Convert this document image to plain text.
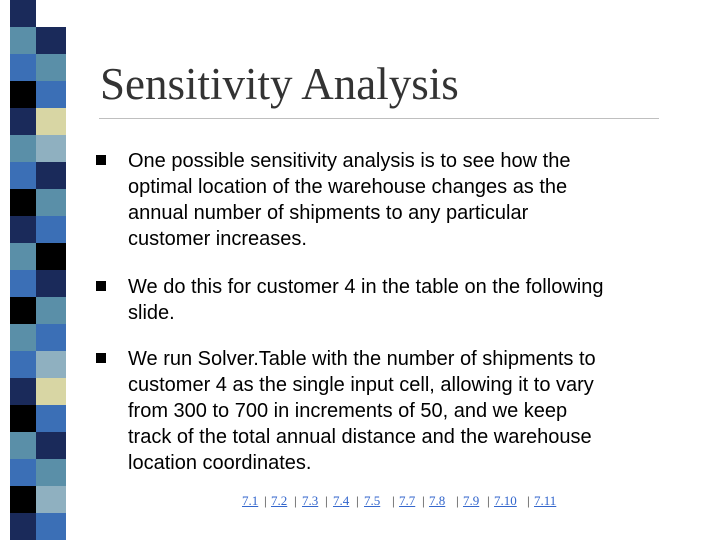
Sensitivity Analysis
One possible sensitivity analysis is to see how the
optimal location of the warehouse changes as the
annual number of shipments to any particular
customer increases.
We do this for customer 4 in the table on the following
slide.
We run Solver.Table with the number of shipments to
customer 4 as the single input cell, allowing it to vary
from 300 to 700 in increments of 50, and we keep
track of the total annual distance and the warehouse
location coordinates.
7.1 | 7.2 | 7.3 | 7.4 | 7.5 | 7.7 | 7.8 | 7.9 | 7.10 | 7.11
